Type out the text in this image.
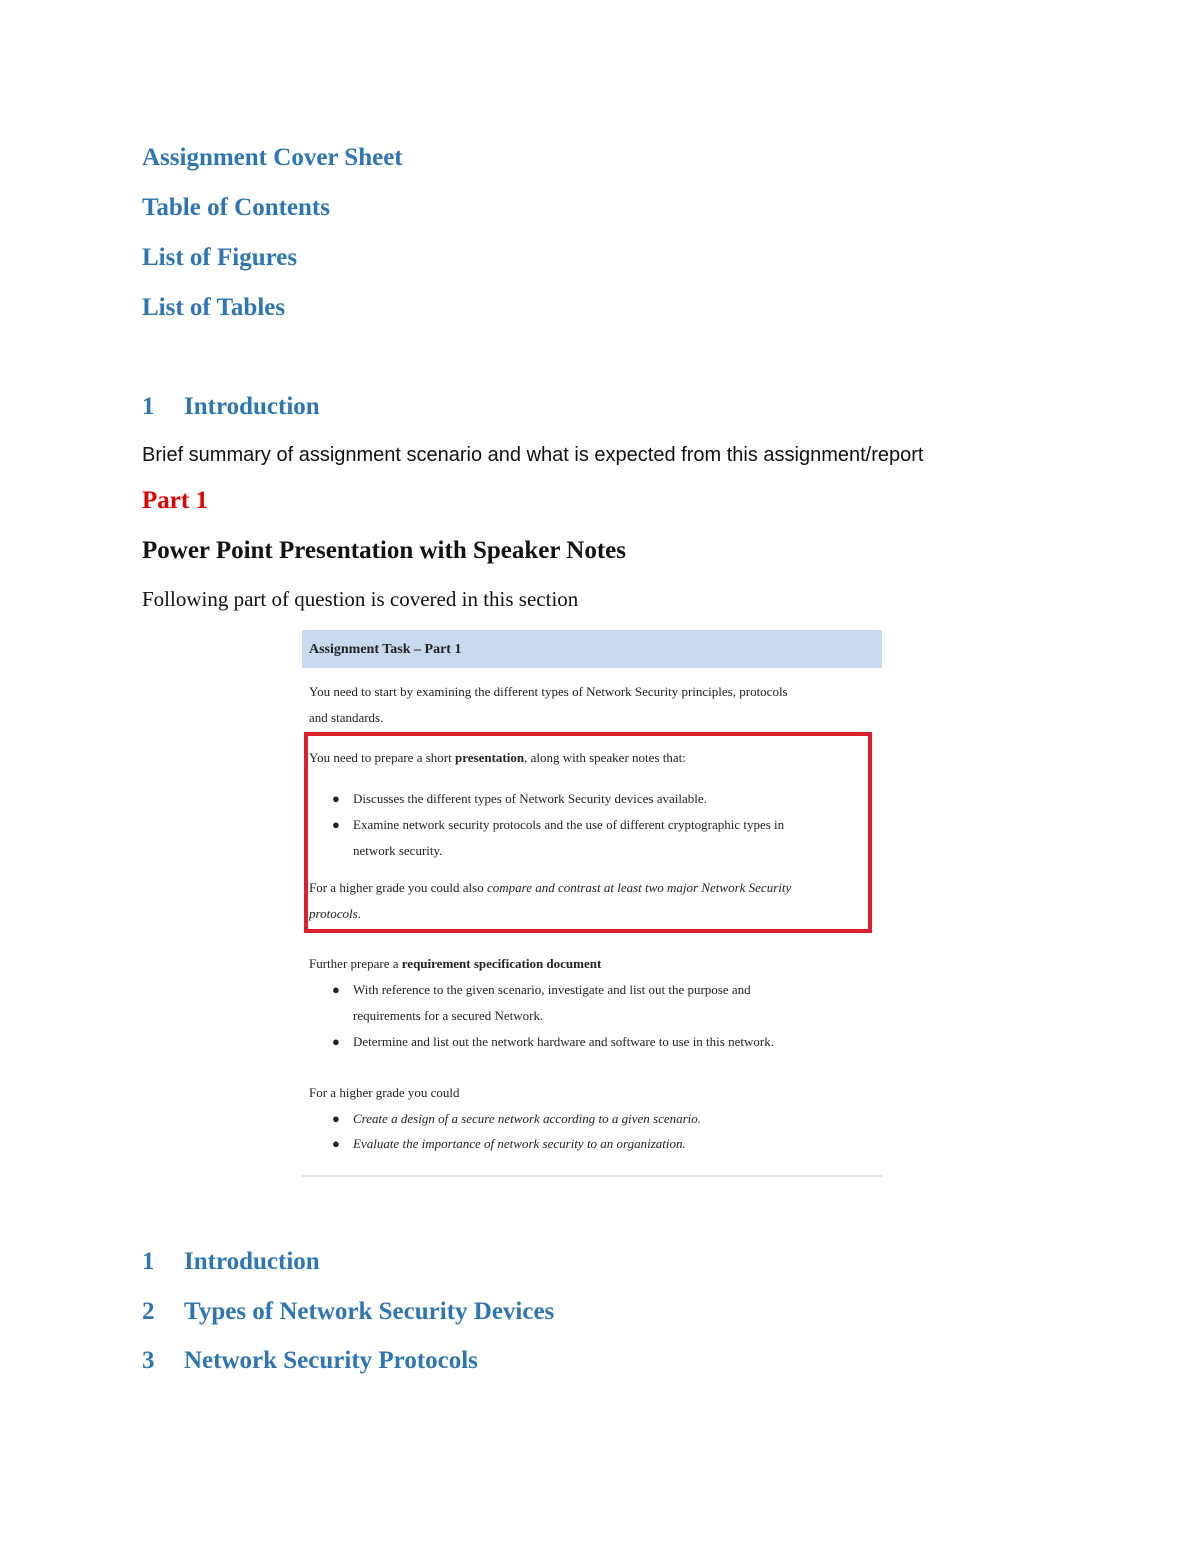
Assignment Cover Sheet
Table of Contents
List of Figures
List of Tables
1 Introduction
Brief summary of assignment scenario and what is expected from this assignment/report
Part 1
Power Point Presentation with Speaker Notes
Following part of question is covered in this section
Assignment Task – Part 1
You need to start by examining the different types of Network Security principles, protocols
and standards.
You need to prepare a short presentation, along with speaker notes that:
● Discusses the different types of Network Security devices available.
● Examine network security protocols and the use of different cryptographic types in
network security.
For a higher grade you could also compare and contrast at least two major Network Security
protocols.
Further prepare a requirement specification document
● With reference to the given scenario, investigate and list out the purpose and
requirements for a secured Network.
● Determine and list out the network hardware and software to use in this network.
For a higher grade you could
● Create a design of a secure network according to a given scenario.
● Evaluate the importance of network security to an organization.
1 Introduction
2 Types of Network Security Devices
3 Network Security Protocols
